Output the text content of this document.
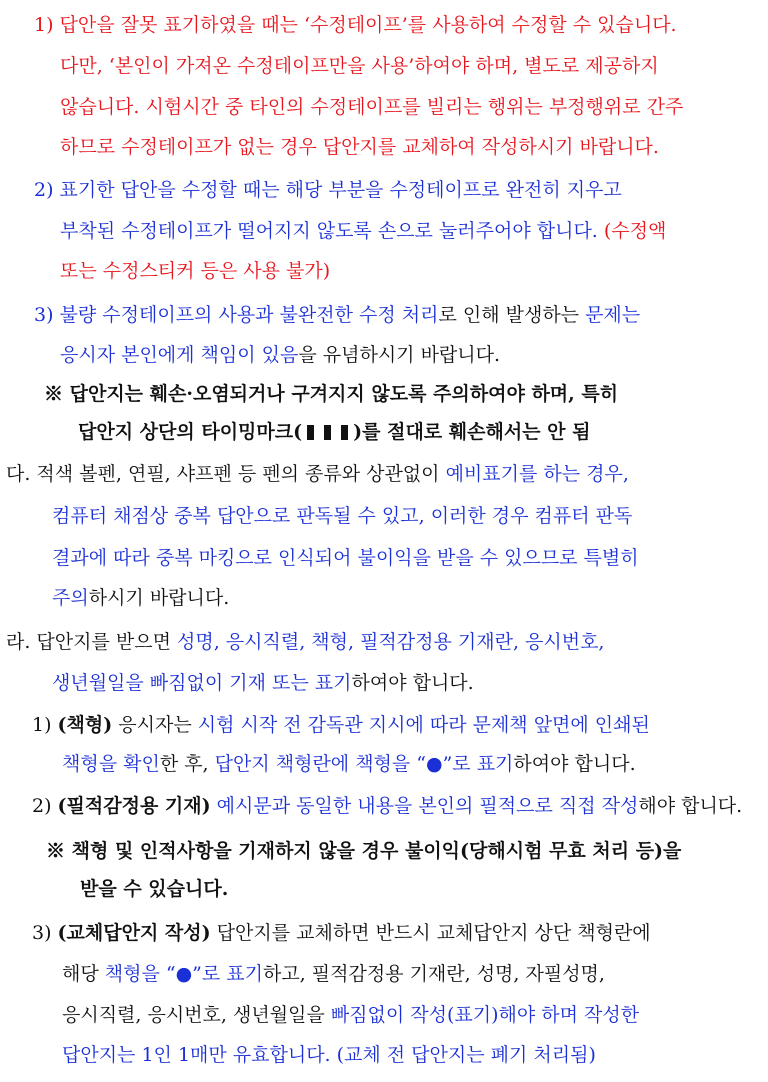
1) 답안을 잘못 표기하였을 때는 ‘수정테이프’를 사용하여 수정할 수 있습니다.
다만, ‘본인이 가져온 수정테이프만을 사용’하여야 하며, 별도로 제공하지
않습니다. 시험시간 중 타인의 수정테이프를 빌리는 행위는 부정행위로 간주
하므로 수정테이프가 없는 경우 답안지를 교체하여 작성하시기 바랍니다.
2) 표기한 답안을 수정할 때는 해당 부분을 수정테이프로 완전히 지우고
부착된 수정테이프가 떨어지지 않도록 손으로 눌러주어야 합니다. (수정액
또는 수정스티커 등은 사용 불가)
3) 불량 수정테이프의 사용과 불완전한 수정 처리로 인해 발생하는 문제는
응시자 본인에게 책임이 있음을 유념하시기 바랍니다.
※ 답안지는 훼손·오염되거나 구겨지지 않도록 주의하여야 하며, 특히
답안지 상단의 타이밍마크(	)를 절대로 훼손해서는 안 됨
다. 적색 볼펜, 연필, 샤프펜 등 펜의 종류와 상관없이 예비표기를 하는 경우,
컴퓨터 채점상 중복 답안으로 판독될 수 있고, 이러한 경우 컴퓨터 판독
결과에 따라 중복 마킹으로 인식되어 불이익을 받을 수 있으므로 특별히
주의하시기 바랍니다.
라. 답안지를 받으면 성명, 응시직렬, 책형, 필적감정용 기재란, 응시번호,
생년월일을 빠짐없이 기재 또는 표기하여야 합니다.
1) (책형) 응시자는 시험 시작 전 감독관 지시에 따라 문제책 앞면에 인쇄된
책형을 확인한 후, 답안지 책형란에 책형을 “●”로 표기하여야 합니다.
2) (필적감정용 기재) 예시문과 동일한 내용을 본인의 필적으로 직접 작성해야 합니다.
※ 책형 및 인적사항을 기재하지 않을 경우 불이익(당해시험 무효 처리 등)을
받을 수 있습니다.
3) (교체답안지 작성) 답안지를 교체하면 반드시 교체답안지 상단 책형란에
해당 책형을 “●”로 표기하고, 필적감정용 기재란, 성명, 자필성명,
응시직렬, 응시번호, 생년월일을 빠짐없이 작성(표기)해야 하며 작성한
답안지는 1인 1매만 유효합니다. (교체 전 답안지는 폐기 처리됨)
